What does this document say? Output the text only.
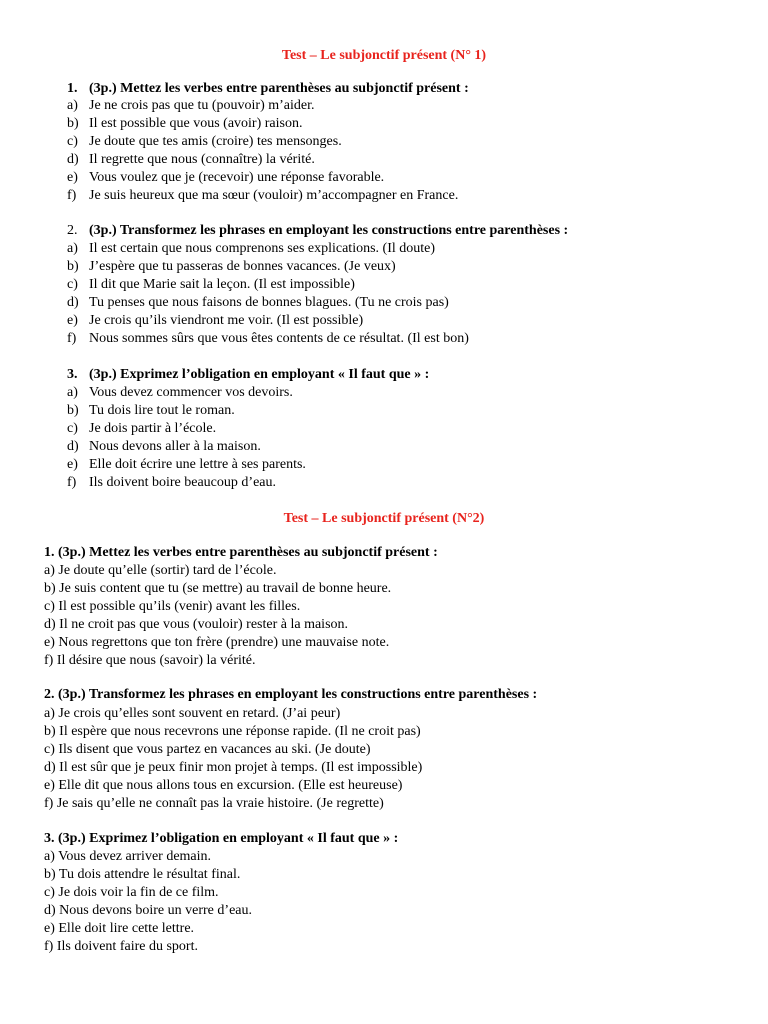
Test – Le subjonctif présent (N° 1)
1. (3p.) Mettez les verbes entre parenthèses au subjonctif présent :
a) Je ne crois pas que tu (pouvoir) m’aider.
b) Il est possible que vous (avoir) raison.
c) Je doute que tes amis (croire) tes mensonges.
d) Il regrette que nous (connaître) la vérité.
e) Vous voulez que je (recevoir) une réponse favorable.
f) Je suis heureux que ma sœur (vouloir) m’accompagner en France.
2. (3p.) Transformez les phrases en employant les constructions entre parenthèses :
a) Il est certain que nous comprenons ses explications. (Il doute)
b) J’espère que tu passeras de bonnes vacances. (Je veux)
c) Il dit que Marie sait la leçon. (Il est impossible)
d) Tu penses que nous faisons de bonnes blagues. (Tu ne crois pas)
e) Je crois qu’ils viendront me voir. (Il est possible)
f) Nous sommes sûrs que vous êtes contents de ce résultat. (Il est bon)
3. (3p.) Exprimez l’obligation en employant « Il faut que » :
a) Vous devez commencer vos devoirs.
b) Tu dois lire tout le roman.
c) Je dois partir à l’école.
d) Nous devons aller à la maison.
e) Elle doit écrire une lettre à ses parents.
f) Ils doivent boire beaucoup d’eau.
Test – Le subjonctif présent (N°2)
1. (3p.) Mettez les verbes entre parenthèses au subjonctif présent :
a) Je doute qu’elle (sortir) tard de l’école.
b) Je suis content que tu (se mettre) au travail de bonne heure.
c) Il est possible qu’ils (venir) avant les filles.
d) Il ne croit pas que vous (vouloir) rester à la maison.
e) Nous regrettons que ton frère (prendre) une mauvaise note.
f) Il désire que nous (savoir) la vérité.
2. (3p.) Transformez les phrases en employant les constructions entre parenthèses :
a) Je crois qu’elles sont souvent en retard. (J’ai peur)
b) Il espère que nous recevrons une réponse rapide. (Il ne croit pas)
c) Ils disent que vous partez en vacances au ski. (Je doute)
d) Il est sûr que je peux finir mon projet à temps. (Il est impossible)
e) Elle dit que nous allons tous en excursion. (Elle est heureuse)
f) Je sais qu’elle ne connaît pas la vraie histoire. (Je regrette)
3. (3p.) Exprimez l’obligation en employant « Il faut que » :
a) Vous devez arriver demain.
b) Tu dois attendre le résultat final.
c) Je dois voir la fin de ce film.
d) Nous devons boire un verre d’eau.
e) Elle doit lire cette lettre.
f) Ils doivent faire du sport.
